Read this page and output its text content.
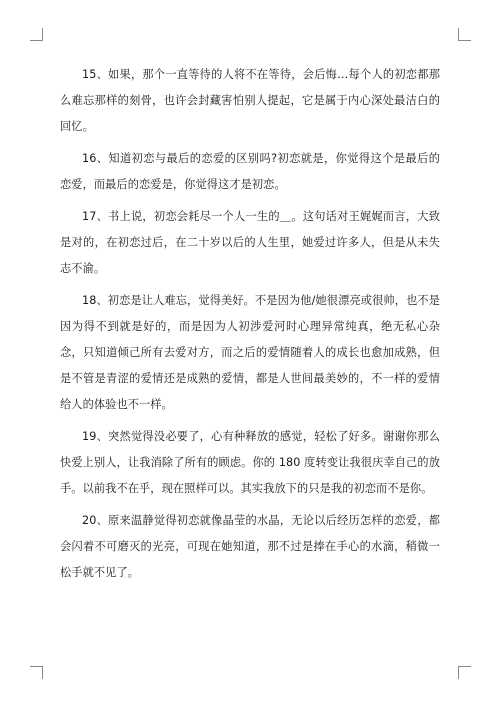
15、如果，那个一直等待的人将不在等待，会后悔…每个人的初恋都那么难忘那样的刻骨，也许会封藏害怕别人提起，它是属于内心深处最洁白的回忆。

16、知道初恋与最后的恋爱的区别吗?初恋就是，你觉得这个是最后的恋爱，而最后的恋爱是，你觉得这才是初恋。

17、书上说，初恋会耗尽一个人一生的＿。这句话对王娓娓而言，大致是对的，在初恋过后，在二十岁以后的人生里，她爱过许多人，但是从未失志不渝。

18、初恋是让人难忘，觉得美好。不是因为他/她很漂亮或很帅，也不是因为得不到就是好的，而是因为人初涉爱河时心理异常纯真，绝无私心杂念，只知道倾己所有去爱对方，而之后的爱情随着人的成长也愈加成熟，但是不管是青涩的爱情还是成熟的爱情，都是人世间最美妙的，不一样的爱情给人的体验也不一样。

19、突然觉得没必要了，心有种释放的感觉，轻松了好多。谢谢你那么快爱上别人，让我消除了所有的顾虑。你的 180 度转变让我很庆幸自己的放手。以前我不在乎，现在照样可以。其实我放下的只是我的初恋而不是你。

20、原来温静觉得初恋就像晶莹的水晶，无论以后经历怎样的恋爱，都会闪着不可磨灭的光亮，可现在她知道，那不过是捧在手心的水滴，稍微一松手就不见了。
